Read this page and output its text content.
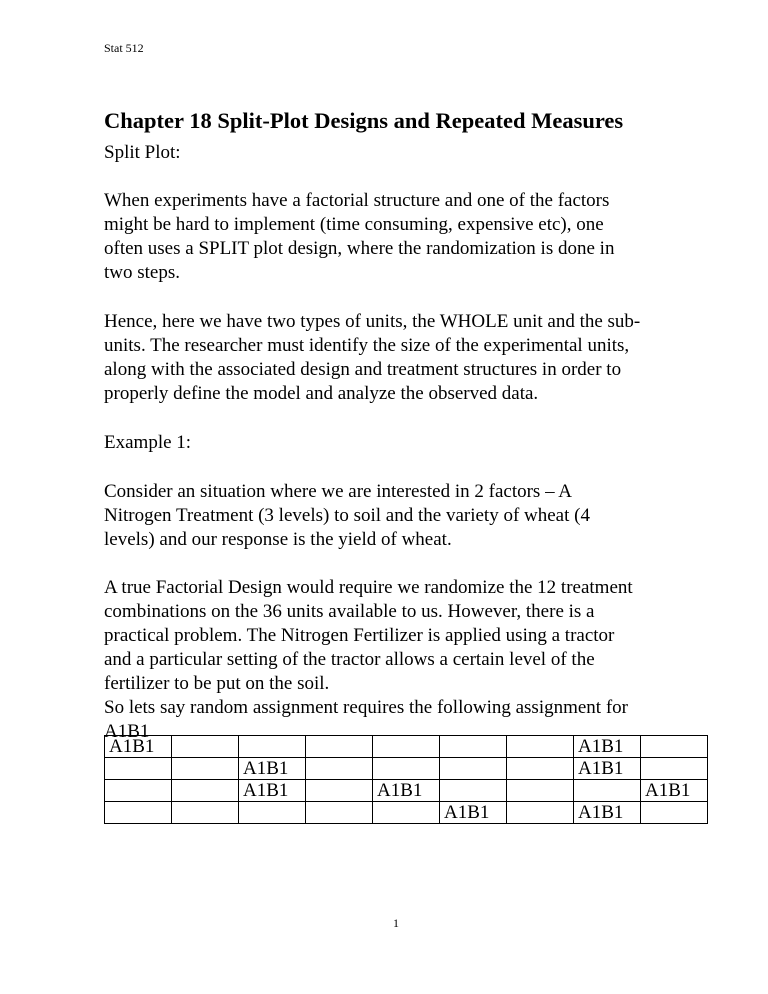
Stat 512
Chapter 18 Split-Plot Designs and Repeated Measures

Split Plot:

When experiments have a factorial structure and one of the factors
might be hard to implement (time consuming, expensive etc), one
often uses a SPLIT plot design, where the randomization is done in
two steps.

Hence, here we have two types of units, the WHOLE unit and the sub-
units. The researcher must identify the size of the experimental units,
along with the associated design and treatment structures in order to
properly define the model and analyze the observed data.

Example 1:

Consider an situation where we are interested in 2 factors – A
Nitrogen Treatment (3 levels) to soil and the variety of wheat (4
levels) and our response is the yield of wheat.

A true Factorial Design would require we randomize the 12 treatment
combinations on the 36 units available to us. However, there is a
practical problem. The Nitrogen Fertilizer is applied using a tractor
and a particular setting of the tractor allows a certain level of the
fertilizer to be put on the soil.
So lets say random assignment requires the following assignment for
A1B1

A1B1							A1B1	
		A1B1					A1B1	
		A1B1		A1B1				A1B1
					A1B1		A1B1	
1
